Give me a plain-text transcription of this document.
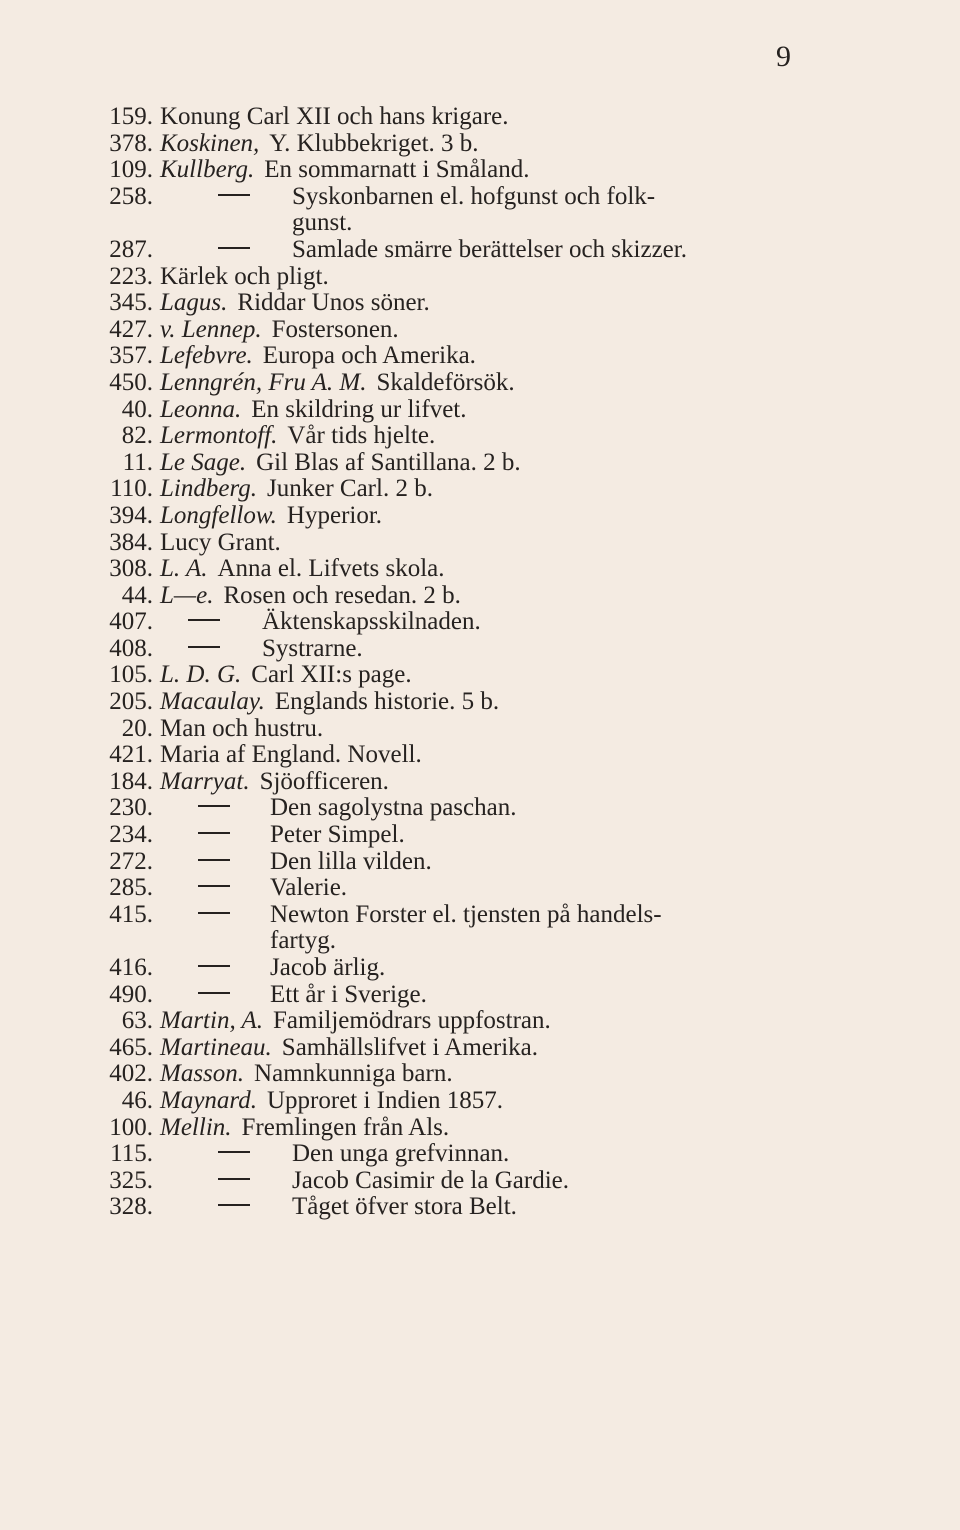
9
159. Konung Carl XII och hans krigare.
378. Koskinen, Y. Klubbekriget. 3 b.
109. Kullberg. En sommarnatt i Småland.
258.	Syskonbarnen el. hofgunst och folk-
gunst.
287.	Samlade smärre berättelser och skizzer.
223. Kärlek och pligt.
345. Lagus. Riddar Unos söner.
427. v. Lennep. Fostersonen.
357. Lefebvre. Europa och Amerika.
450. Lenngrén, Fru A. M. Skaldeförsök.
40. Leonna. En skildring ur lifvet.
82. Lermontoff. Vår tids hjelte.
11. Le Sage. Gil Blas af Santillana. 2 b.
110. Lindberg. Junker Carl. 2 b.
394. Longfellow. Hyperior.
384. Lucy Grant.
308. L. A. Anna el. Lifvets skola.
44. L—e. Rosen och resedan. 2 b.
407.	Äktenskapsskilnaden.
408.	Systrarne.
105. L. D. G. Carl XII:s page.
205. Macaulay. Englands historie. 5 b.
20. Man och hustru.
421. Maria af England. Novell.
184. Marryat. Sjöofficeren.
230.	Den sagolystna paschan.
234.	Peter Simpel.
272.	Den lilla vilden.
285.	Valerie.
415.	Newton Forster el. tjensten på handels-
fartyg.
416.	Jacob ärlig.
490.	Ett år i Sverige.
63. Martin, A. Familjemödrars uppfostran.
465. Martineau. Samhällslifvet i Amerika.
402. Masson. Namnkunniga barn.
46. Maynard. Upproret i Indien 1857.
100. Mellin. Fremlingen från Als.
115.	Den unga grefvinnan.
325.	Jacob Casimir de la Gardie.
328.	Tåget öfver stora Belt.
